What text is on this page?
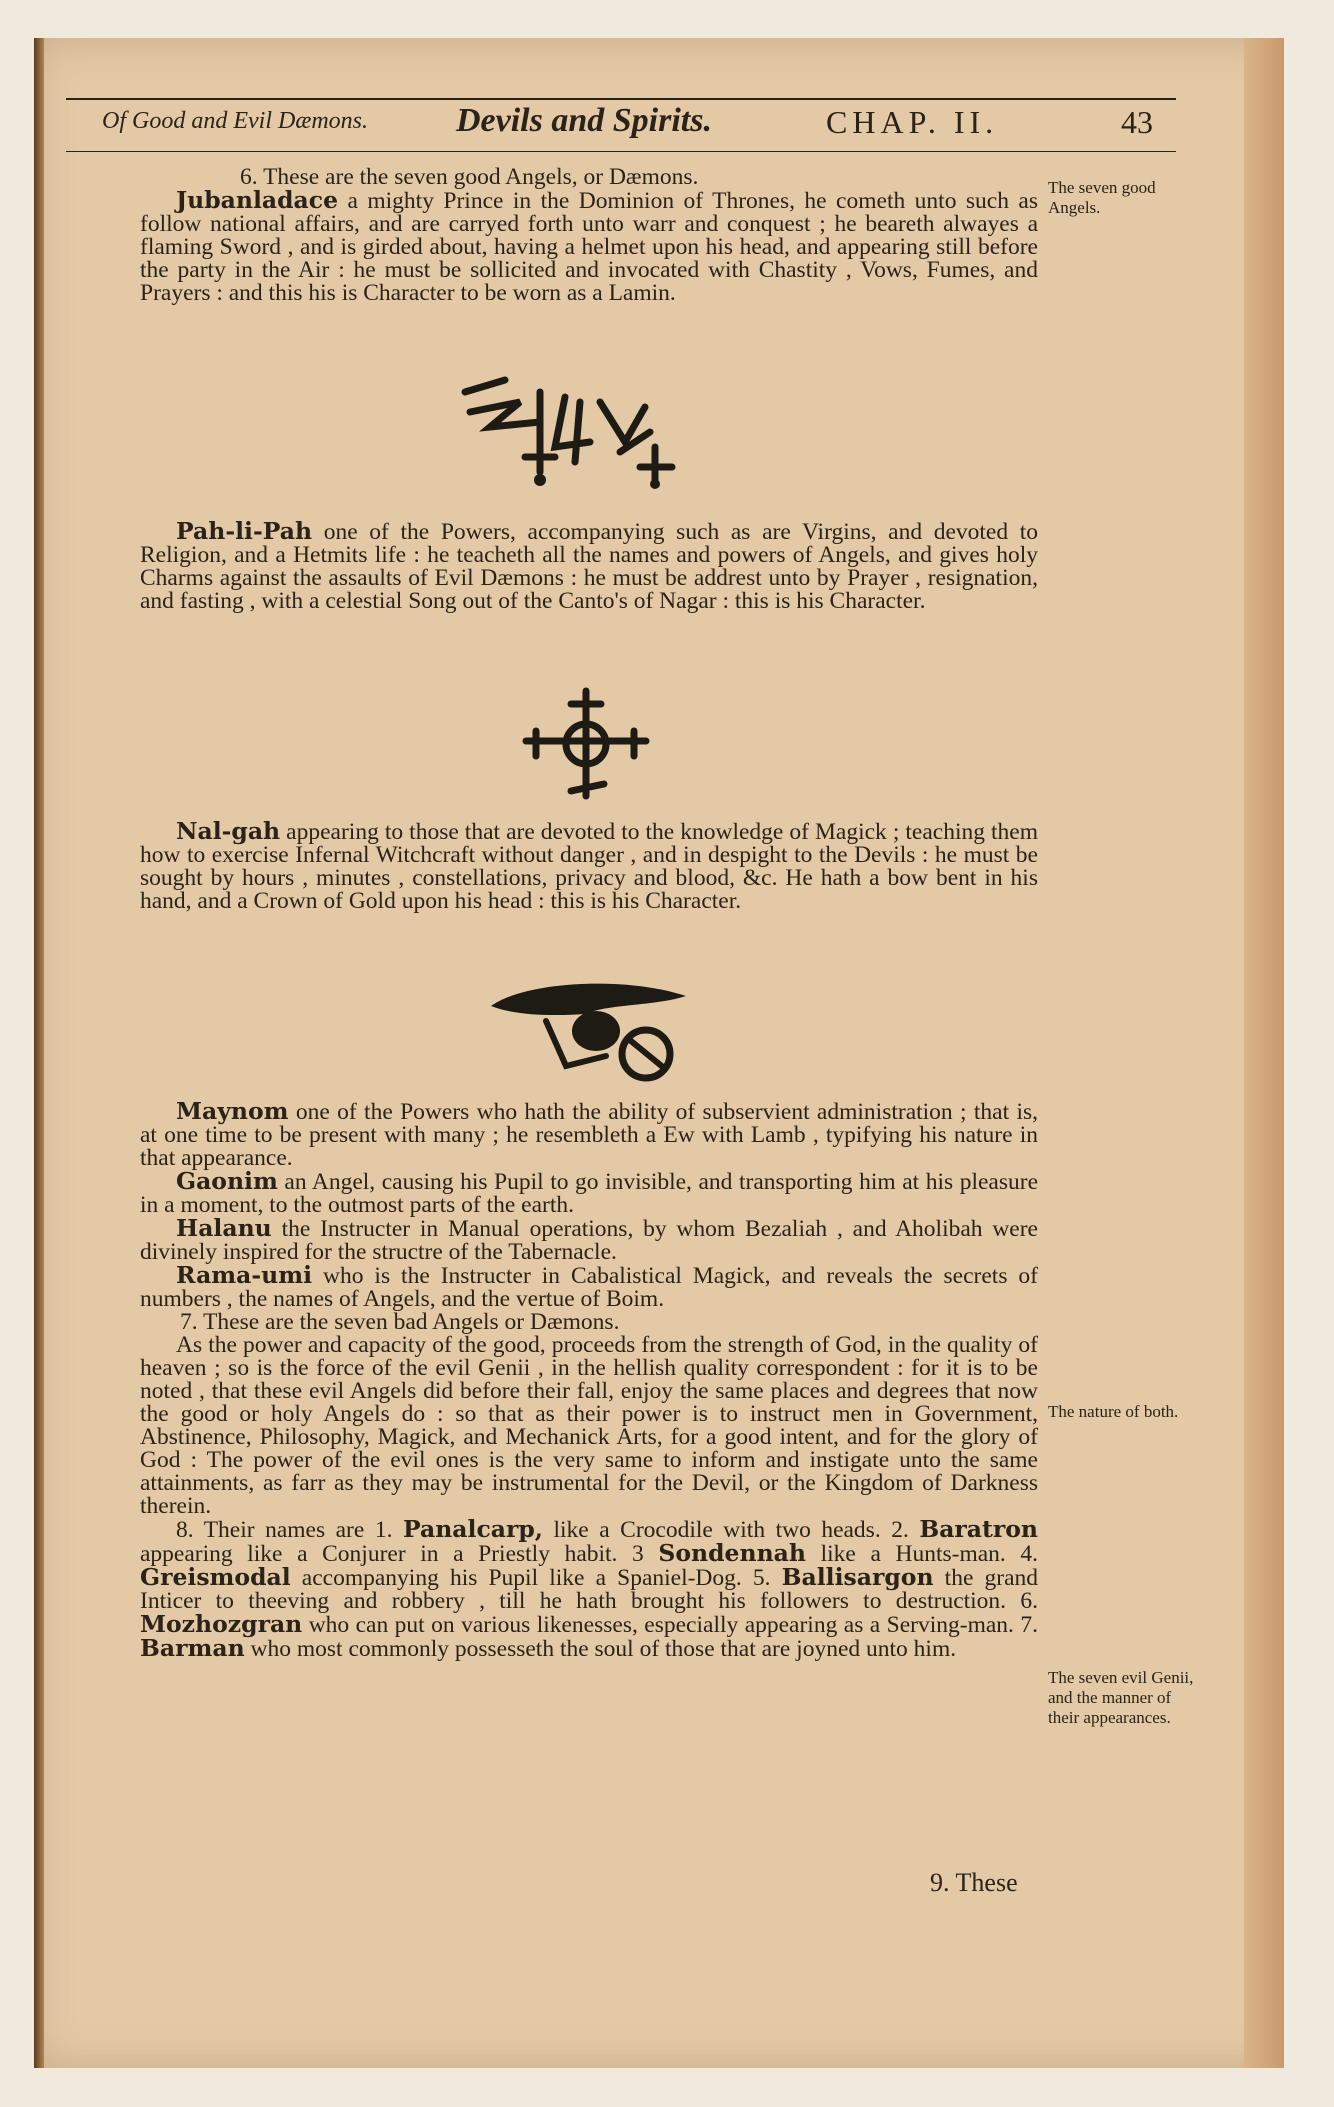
Of Good and Evil Dæmons.	Devils and Spirits.	CHAP. II.	43

6. These are the seven good Angels, or Dæmons.

Jubanladace a mighty Prince in the Dominion of Thrones, he cometh unto such as follow national affairs, and are carryed forth unto warr and conquest ; he beareth alwayes a flaming Sword , and is girded about, having a helmet upon his head, and appearing still before the party in the Air : he must be sollicited and invocated with Chastity , Vows, Fumes, and Prayers : and this his is Character to be worn as a Lamin.

The seven good Angels.

Pah-li-Pah one of the Powers, accompanying such as are Virgins, and devoted to Religion, and a Hetmits life : he teacheth all the names and powers of Angels, and gives holy Charms against the assaults of Evil Dæmons : he must be addrest unto by Prayer , resignation, and fasting , with a celestial Song out of the Canto's of Nagar : this is his Character.

Nal-gah appearing to those that are devoted to the knowledge of Magick ; teaching them how to exercise Infernal Witchcraft without danger , and in despight to the Devils : he must be sought by hours , minutes , constellations, privacy and blood, &c. He hath a bow bent in his hand, and a Crown of Gold upon his head : this is his Character.

Maynom one of the Powers who hath the ability of subservient administration ; that is, at one time to be present with many ; he resembleth a Ew with Lamb , typifying his nature in that appearance.

Gaonim an Angel, causing his Pupil to go invisible, and transporting him at his pleasure in a moment, to the outmost parts of the earth.

Halanu the Instructer in Manual operations, by whom Bezaliah , and Aholibah were divinely inspired for the structre of the Tabernacle.

Rama-umi who is the Instructer in Cabalistical Magick, and reveals the secrets of numbers , the names of Angels, and the vertue of Boim.

7. These are the seven bad Angels or Dæmons.

As the power and capacity of the good, proceeds from the strength of God, in the quality of heaven ; so is the force of the evil Genii , in the hellish quality correspondent : for it is to be noted , that these evil Angels did before their fall, enjoy the same places and degrees that now the good or holy Angels do : so that as their power is to instruct men in Government, Abstinence, Philosophy, Magick, and Mechanick Arts, for a good intent, and for the glory of God : The power of the evil ones is the very same to inform and instigate unto the same attainments, as farr as they may be instrumental for the Devil, or the Kingdom of Darkness therein.

8. Their names are 1. Panalcarp, like a Crocodile with two heads. 2. Baratron appearing like a Conjurer in a Priestly habit. 3 Sondennah like a Hunts-man. 4. Greismodal accompanying his Pupil like a Spaniel-Dog. 5. Ballisargon the grand Inticer to theeving and robbery , till he hath brought his followers to destruction. 6. Mozhozgran who can put on various likenesses, especially appearing as a Serving-man. 7. Barman who most commonly possesseth the soul of those that are joyned unto him.

The nature of both.
The seven evil Genii, and the manner of their appearances.
9. These
